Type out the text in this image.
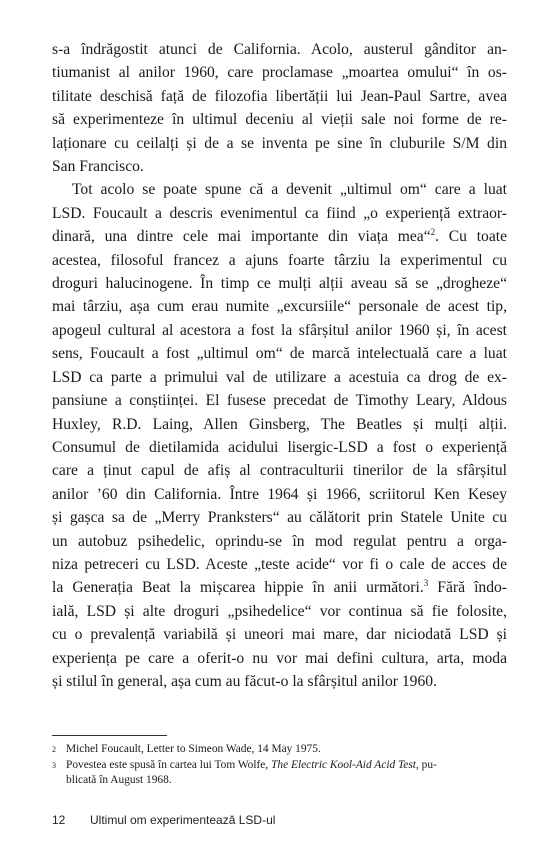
s-a îndrăgostit atunci de California. Acolo, austerul gânditor an-
tiumanist al anilor 1960, care proclamase „moartea omului“ în os-
tilitate deschisă față de filozofia libertății lui Jean-Paul Sartre, avea
să experimenteze în ultimul deceniu al vieții sale noi forme de re-
laționare cu ceilalți și de a se inventa pe sine în cluburile S/M din
San Francisco.
Tot acolo se poate spune că a devenit „ultimul om“ care a luat
LSD. Foucault a descris evenimentul ca fiind „o experiență extraor-
dinară, una dintre cele mai importante din viața mea“$^2$. Cu toate
acestea, filosoful francez a ajuns foarte târziu la experimentul cu
droguri halucinogene. În timp ce mulți alții aveau să se „drogheze“
mai târziu, așa cum erau numite „excursiile“ personale de acest tip,
apogeul cultural al acestora a fost la sfârșitul anilor 1960 și, în acest
sens, Foucault a fost „ultimul om“ de marcă intelectuală care a luat
LSD ca parte a primului val de utilizare a acestuia ca drog de ex-
pansiune a conștiinței. El fusese precedat de Timothy Leary, Aldous
Huxley, R.D. Laing, Allen Ginsberg, The Beatles și mulți alții.
Consumul de dietilamida acidului lisergic-LSD a fost o experiență
care a ținut capul de afiș al contraculturii tinerilor de la sfârșitul
anilor ’60 din California. Între 1964 și 1966, scriitorul Ken Kesey
și gașca sa de „Merry Pranksters“ au călătorit prin Statele Unite cu
un autobuz psihedelic, oprindu-se în mod regulat pentru a orga-
niza petreceri cu LSD. Aceste „teste acide“ vor fi o cale de acces de
la Generația Beat la mișcarea hippie în anii următori.$^3$ Fără îndo-
ială, LSD și alte droguri „psihedelice“ vor continua să fie folosite,
cu o prevalență variabilă și uneori mai mare, dar niciodată LSD și
experiența pe care a oferit-o nu vor mai defini cultura, arta, moda
și stilul în general, așa cum au făcut-o la sfârșitul anilor 1960.
2 Michel Foucault, Letter to Simeon Wade, 14 May 1975.
3 Povestea este spusă în cartea lui Tom Wolfe, The Electric Kool-Aid Acid Test, pu-
blicată în August 1968.
12 Ultimul om experimentează LSD-ul
